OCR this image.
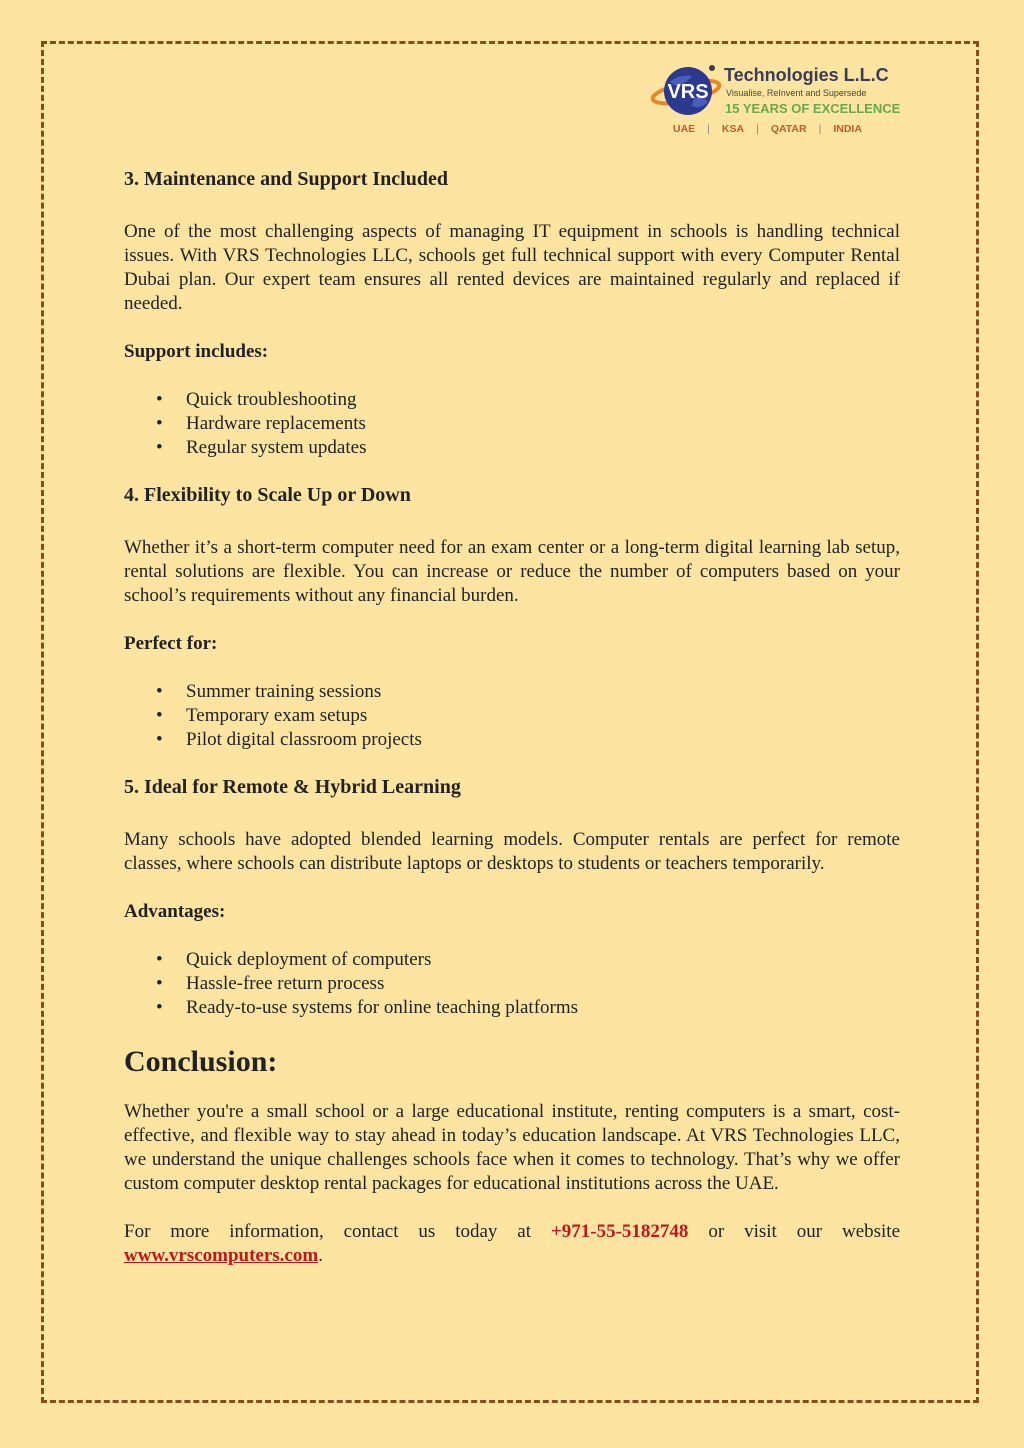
VRS
Technologies L.L.C
Visualise, ReInvent and Supersede
15 YEARS OF EXCELLENCE
UAE | KSA | QATAR | INDIA
3. Maintenance and Support Included

One of the most challenging aspects of managing IT equipment in schools is handling technical issues. With VRS Technologies LLC, schools get full technical support with every Computer Rental Dubai plan. Our expert team ensures all rented devices are maintained regularly and replaced if needed.

Support includes:

• Quick troubleshooting
• Hardware replacements
• Regular system updates
4. Flexibility to Scale Up or Down

Whether it’s a short-term computer need for an exam center or a long-term digital learning lab setup, rental solutions are flexible. You can increase or reduce the number of computers based on your school’s requirements without any financial burden.

Perfect for:

• Summer training sessions
• Temporary exam setups
• Pilot digital classroom projects
5. Ideal for Remote & Hybrid Learning

Many schools have adopted blended learning models. Computer rentals are perfect for remote classes, where schools can distribute laptops or desktops to students or teachers temporarily.

Advantages:

• Quick deployment of computers
• Hassle-free return process
• Ready-to-use systems for online teaching platforms
Conclusion:

Whether you're a small school or a large educational institute, renting computers is a smart, cost-effective, and flexible way to stay ahead in today’s education landscape. At VRS Technologies LLC, we understand the unique challenges schools face when it comes to technology. That’s why we offer custom computer desktop rental packages for educational institutions across the UAE.

For more information, contact us today at +971-55-5182748 or visit our website

www.vrscomputers.com.
